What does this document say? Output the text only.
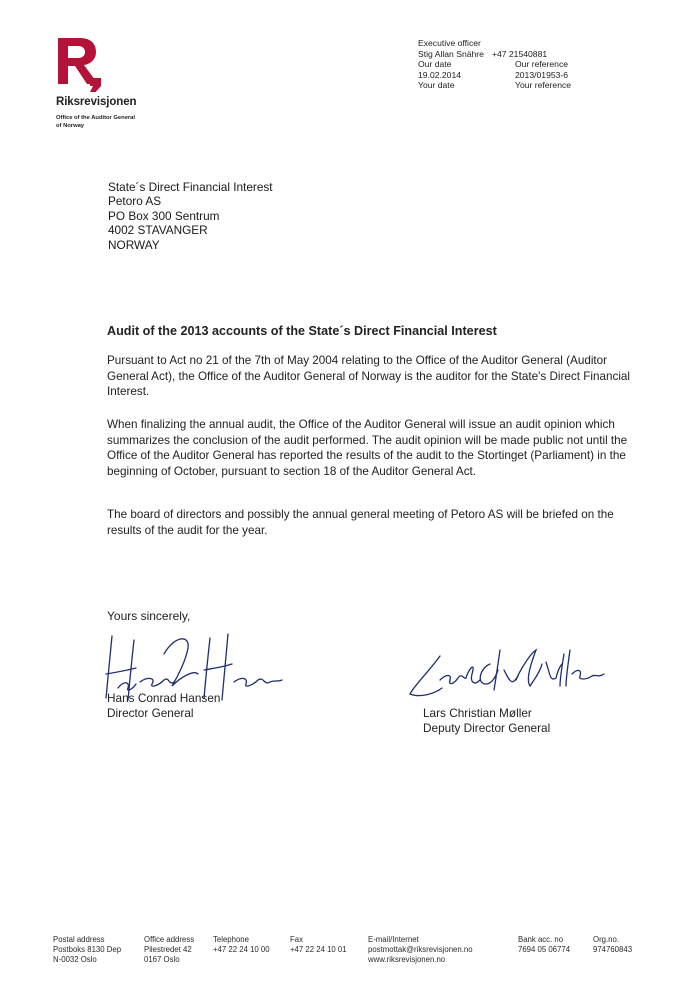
Riksrevisjonen
Office of the Auditor General
of Norway
Executive officer
Stig Allan Snähre +47 21540881
Our date	Our reference
19.02.2014	2013/01953-6
Your date	Your reference
State´s Direct Financial Interest
Petoro AS
PO Box 300 Sentrum
4002 STAVANGER
NORWAY
Audit of the 2013 accounts of the State´s Direct Financial Interest
Pursuant to Act no 21 of the 7th of May 2004 relating to the Office of the Auditor General (Auditor General Act), the Office of the Auditor General of Norway is the auditor for the State's Direct Financial Interest.
When finalizing the annual audit, the Office of the Auditor General will issue an audit opinion which summarizes the conclusion of the audit performed. The audit opinion will be made public not until the Office of the Auditor General has reported the results of the audit to the Stortinget (Parliament) in the beginning of October, pursuant to section 18 of the Auditor General Act.
The board of directors and possibly the annual general meeting of Petoro AS will be briefed on the results of the audit for the year.
Yours sincerely,
Hans Conrad Hansen
Director General	Lars Christian Møller
Deputy Director General
Postal address
Postboks 8130 Dep
N-0032 Oslo
Office address
Pilestredet 42
0167 Oslo
Telephone
+47 22 24 10 00
Fax
+47 22 24 10 01
E-mail/Internet
postmottak@riksrevisjonen.no
www.riksrevisjonen.no
Bank acc. no
7694 05 06774
Org.no.
974760843
